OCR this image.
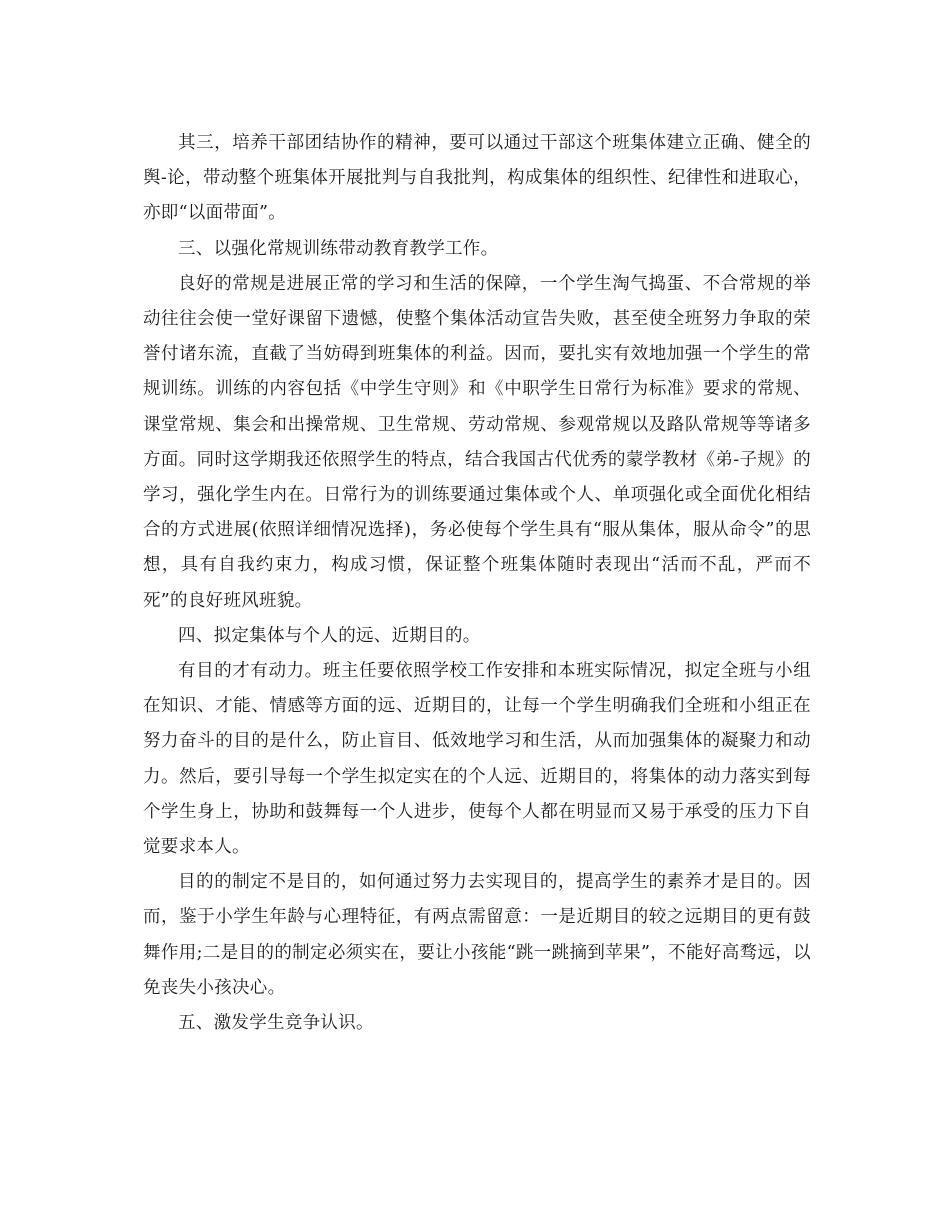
其三，培养干部团结协作的精神，要可以通过干部这个班集体建立正确、健全的舆-论，带动整个班集体开展批判与自我批判，构成集体的组织性、纪律性和进取心，亦即“以面带面”。

三、以强化常规训练带动教育教学工作。

良好的常规是进展正常的学习和生活的保障，一个学生淘气捣蛋、不合常规的举动往往会使一堂好课留下遗憾，使整个集体活动宣告失败，甚至使全班努力争取的荣誉付诸东流，直截了当妨碍到班集体的利益。因而，要扎实有效地加强一个学生的常规训练。训练的内容包括《中学生守则》和《中职学生日常行为标准》要求的常规、课堂常规、集会和出操常规、卫生常规、劳动常规、参观常规以及路队常规等等诸多方面。同时这学期我还依照学生的特点，结合我国古代优秀的蒙学教材《弟-子规》的学习，强化学生内在。日常行为的训练要通过集体或个人、单项强化或全面优化相结合的方式进展(依照详细情况选择)，务必使每个学生具有“服从集体，服从命令”的思想，具有自我约束力，构成习惯，保证整个班集体随时表现出“活而不乱，严而不死”的良好班风班貌。

四、拟定集体与个人的远、近期目的。

有目的才有动力。班主任要依照学校工作安排和本班实际情况，拟定全班与小组在知识、才能、情感等方面的远、近期目的，让每一个学生明确我们全班和小组正在努力奋斗的目的是什么，防止盲目、低效地学习和生活，从而加强集体的凝聚力和动力。然后，要引导每一个学生拟定实在的个人远、近期目的，将集体的动力落实到每个学生身上，协助和鼓舞每一个人进步，使每个人都在明显而又易于承受的压力下自觉要求本人。

目的的制定不是目的，如何通过努力去实现目的，提高学生的素养才是目的。因而，鉴于小学生年龄与心理特征，有两点需留意：一是近期目的较之远期目的更有鼓舞作用;二是目的的制定必须实在，要让小孩能“跳一跳摘到苹果”，不能好高骛远，以免丧失小孩决心。

五、激发学生竞争认识。
